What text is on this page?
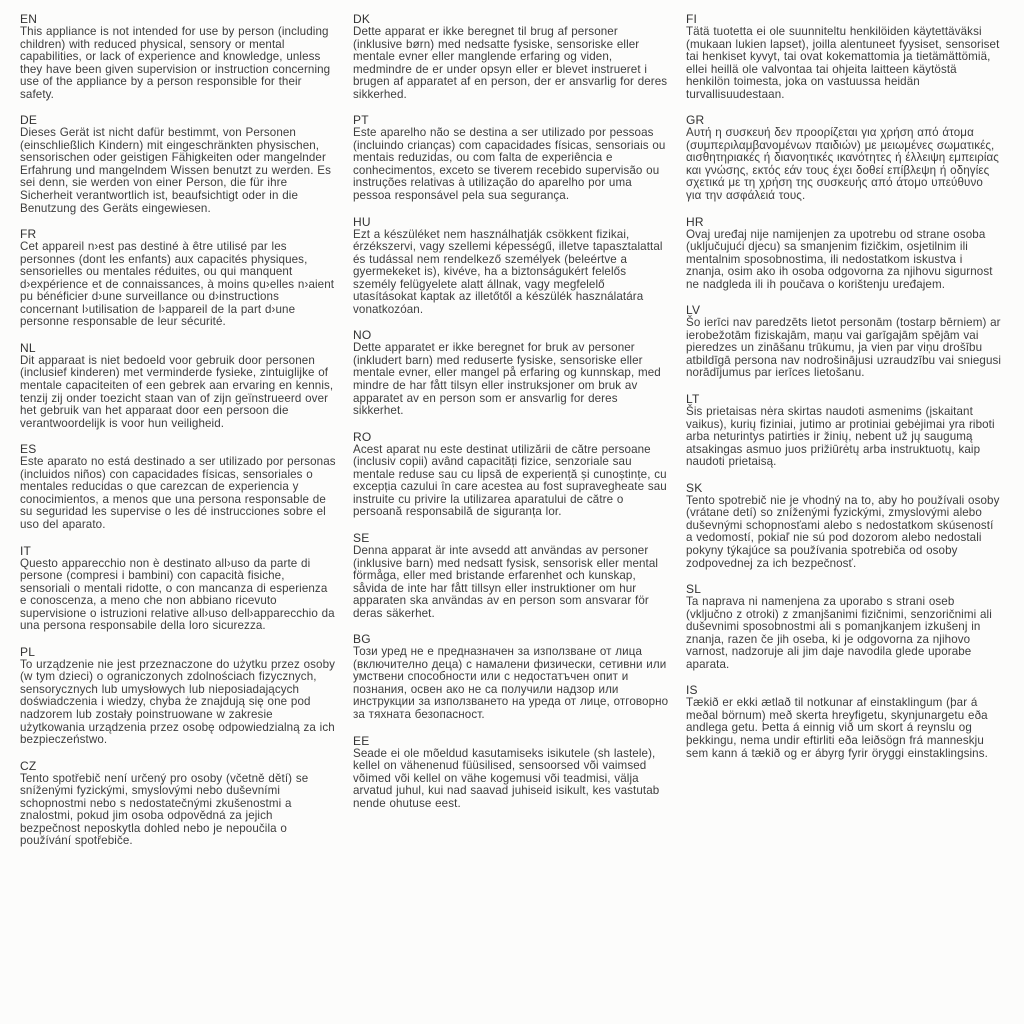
EN

This appliance is not intended for use by person (including children) with reduced physical, sensory or mental capabilities, or lack of experience and knowledge, unless they have been given supervision or instruction concerning use of the appliance by a person responsible for their safety.

DE

Dieses Gerät ist nicht dafür bestimmt, von Personen (einschließlich Kindern) mit eingeschränkten physischen, sensorischen oder geistigen Fähigkeiten oder mangelnder Erfahrung und mangelndem Wissen benutzt zu werden. Es sei denn, sie werden von einer Person, die für ihre Sicherheit verantwortlich ist, beaufsichtigt oder in die Benutzung des Geräts eingewiesen.

FR

Cet appareil n›est pas destiné à être utilisé par les personnes (dont les enfants) aux capacités physiques, sensorielles ou mentales réduites, ou qui manquent d›expérience et de connaissances, à moins qu›elles n›aient pu bénéficier d›une surveillance ou d›instructions concernant l›utilisation de l›appareil de la part d›une personne responsable de leur sécurité.

NL

Dit apparaat is niet bedoeld voor gebruik door personen (inclusief kinderen) met verminderde fysieke, zintuiglijke of mentale capaciteiten of een gebrek aan ervaring en kennis, tenzij zij onder toezicht staan van of zijn geïnstrueerd over het gebruik van het apparaat door een persoon die verantwoordelijk is voor hun veiligheid.

ES

Este aparato no está destinado a ser utilizado por personas (incluidos niños) con capacidades físicas, sensoriales o mentales reducidas o que carezcan de experiencia y conocimientos, a menos que una persona responsable de su seguridad les supervise o les dé instrucciones sobre el uso del aparato.

IT

Questo apparecchio non è destinato all›uso da parte di persone (compresi i bambini) con capacità fisiche, sensoriali o mentali ridotte, o con mancanza di esperienza e conoscenza, a meno che non abbiano ricevuto supervisione o istruzioni relative all›uso dell›apparecchio da una persona responsabile della loro sicurezza.

PL

To urządzenie nie jest przeznaczone do użytku przez osoby (w tym dzieci) o ograniczonych zdolnościach fizycznych, sensorycznych lub umysłowych lub nieposiadających doświadczenia i wiedzy, chyba że znajdują się one pod nadzorem lub zostały poinstruowane w zakresie użytkowania urządzenia przez osobę odpowiedzialną za ich bezpieczeństwo.

CZ

Tento spotřebič není určený pro osoby (včetně dětí) se sníženými fyzickými, smyslovými nebo duševními schopnostmi nebo s nedostatečnými zkušenostmi a znalostmi, pokud jim osoba odpovědná za jejich bezpečnost neposkytla dohled nebo je nepoučila o používání spotřebiče.

DK

Dette apparat er ikke beregnet til brug af personer (inklusive børn) med nedsatte fysiske, sensoriske eller mentale evner eller manglende erfaring og viden, medmindre de er under opsyn eller er blevet instrueret i brugen af apparatet af en person, der er ansvarlig for deres sikkerhed.

PT

Este aparelho não se destina a ser utilizado por pessoas (incluindo crianças) com capacidades físicas, sensoriais ou mentais reduzidas, ou com falta de experiência e conhecimentos, exceto se tiverem recebido supervisão ou instruções relativas à utilização do aparelho por uma pessoa responsável pela sua segurança.

HU

Ezt a készüléket nem használhatják csökkent fizikai, érzékszervi, vagy szellemi képességű, illetve tapasztalattal és tudással nem rendelkező személyek (beleértve a gyermekeket is), kivéve, ha a biztonságukért felelős személy felügyelete alatt állnak, vagy megfelelő utasításokat kaptak az illetőtől a készülék használatára vonatkozóan.

NO

Dette apparatet er ikke beregnet for bruk av personer (inkludert barn) med reduserte fysiske, sensoriske eller mentale evner, eller mangel på erfaring og kunnskap, med mindre de har fått tilsyn eller instruksjoner om bruk av apparatet av en person som er ansvarlig for deres sikkerhet.

RO

Acest aparat nu este destinat utilizării de către persoane (inclusiv copii) având capacități fizice, senzoriale sau mentale reduse sau cu lipsă de experiență și cunoștințe, cu excepția cazului în care acestea au fost supravegheate sau instruite cu privire la utilizarea aparatului de către o persoană responsabilă de siguranța lor.

SE

Denna apparat är inte avsedd att användas av personer (inklusive barn) med nedsatt fysisk, sensorisk eller mental förmåga, eller med bristande erfarenhet och kunskap, såvida de inte har fått tillsyn eller instruktioner om hur apparaten ska användas av en person som ansvarar för deras säkerhet.

BG

Този уред не е предназначен за използване от лица (включително деца) с намалени физически, сетивни или умствени способности или с недостатъчен опит и познания, освен ако не са получили надзор или инструкции за използването на уреда от лице, отговорно за тяхната безопасност.

EE

Seade ei ole mõeldud kasutamiseks isikutele (sh lastele), kellel on vähenenud füüsilised, sensoorsed või vaimsed võimed või kellel on vähe kogemusi või teadmisi, välja arvatud juhul, kui nad saavad juhiseid isikult, kes vastutab nende ohutuse eest.

FI

Tätä tuotetta ei ole suunniteltu henkilöiden käytettäväksi (mukaan lukien lapset), joilla alentuneet fyysiset, sensoriset tai henkiset kyvyt, tai ovat kokemattomia ja tietämättömiä, ellei heillä ole valvontaa tai ohjeita laitteen käytöstä henkilön toimesta, joka on vastuussa heidän turvallisuudestaan.

GR

Αυτή η συσκευή δεν προορίζεται για χρήση από άτομα (συμπεριλαμβανομένων παιδιών) με μειωμένες σωματικές, αισθητηριακές ή διανοητικές ικανότητες ή έλλειψη εμπειρίας και γνώσης, εκτός εάν τους έχει δοθεί επίβλεψη ή οδηγίες σχετικά με τη χρήση της συσκευής από άτομο υπεύθυνο για την ασφάλειά τους.

HR

Ovaj uređaj nije namijenjen za upotrebu od strane osoba (uključujući djecu) sa smanjenim fizičkim, osjetilnim ili mentalnim sposobnostima, ili nedostatkom iskustva i znanja, osim ako ih osoba odgovorna za njihovu sigurnost ne nadgleda ili ih poučava o korištenju uređajem.

LV

Šo ierīci nav paredzēts lietot personām (tostarp bērniem) ar ierobežotām fiziskajām, maņu vai garīgajām spējām vai pieredzes un zināšanu trūkumu, ja vien par viņu drošību atbildīgā persona nav nodrošinājusi uzraudzību vai sniegusi norādījumus par ierīces lietošanu.

LT

Šis prietaisas nėra skirtas naudoti asmenims (įskaitant vaikus), kurių fiziniai, jutimo ar protiniai gebėjimai yra riboti arba neturintys patirties ir žinių, nebent už jų saugumą atsakingas asmuo juos prižiūrėtų arba instruktuotų, kaip naudoti prietaisą.

SK

Tento spotrebič nie je vhodný na to, aby ho používali osoby (vrátane detí) so zníženými fyzickými, zmyslovými alebo duševnými schopnosťami alebo s nedostatkom skúseností a vedomostí, pokiaľ nie sú pod dozorom alebo nedostali pokyny týkajúce sa používania spotrebiča od osoby zodpovednej za ich bezpečnosť.

SL

Ta naprava ni namenjena za uporabo s strani oseb (vključno z otroki) z zmanjšanimi fizičnimi, senzoričnimi ali duševnimi sposobnostmi ali s pomanjkanjem izkušenj in znanja, razen če jih oseba, ki je odgovorna za njihovo varnost, nadzoruje ali jim daje navodila glede uporabe aparata.

IS

Tækið er ekki ætlað til notkunar af einstaklingum (þar á meðal börnum) með skerta hreyfigetu, skynjunargetu eða andlega getu. Þetta á einnig við um skort á reynslu og þekkingu, nema undir eftirliti eða leiðsögn frá manneskju sem kann á tækið og er ábyrg fyrir öryggi einstaklingsins.
